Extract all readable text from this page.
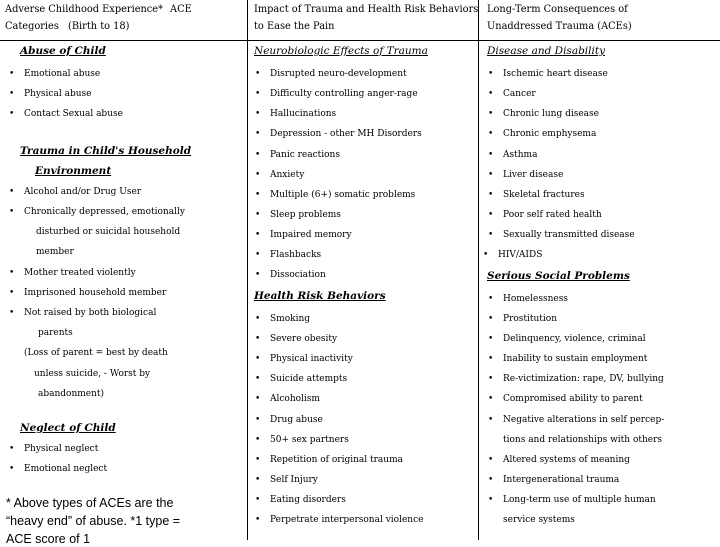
Adverse Childhood Experience* ACE
Categories (Birth to 18)
Impact of Trauma and Health Risk Behaviors
to Ease the Pain
Long-Term Consequences of
Unaddressed Trauma (ACEs)
Abuse of Child
• Emotional abuse
• Physical abuse
• Contact Sexual abuse
Trauma in Child's Household
Environment
• Alcohol and/or Drug User
• Chronically depressed, emotionally
disturbed or suicidal household
member
• Mother treated violently
• Imprisoned household member
• Not raised by both biological
parents
(Loss of parent = best by death
unless suicide, - Worst by
abandonment)
Neglect of Child
• Physical neglect
• Emotional neglect
* Above types of ACEs are the
“heavy end” of abuse. *1 type =
ACE score of 1
Neurobiologic Effects of Trauma
• Disrupted neuro-development
• Difficulty controlling anger-rage
• Hallucinations
• Depression - other MH Disorders
• Panic reactions
• Anxiety
• Multiple (6+) somatic problems
• Sleep problems
• Impaired memory
• Flashbacks
• Dissociation
Health Risk Behaviors
• Smoking
• Severe obesity
• Physical inactivity
• Suicide attempts
• Alcoholism
• Drug abuse
• 50+ sex partners
• Repetition of original trauma
• Self Injury
• Eating disorders
• Perpetrate interpersonal violence
Disease and Disability
• Ischemic heart disease
• Cancer
• Chronic lung disease
• Chronic emphysema
• Asthma
• Liver disease
• Skeletal fractures
• Poor self rated health
• Sexually transmitted disease
• HIV/AIDS
Serious Social Problems
• Homelessness
• Prostitution
• Delinquency, violence, criminal
• Inability to sustain employment
• Re-victimization: rape, DV, bullying
• Compromised ability to parent
• Negative alterations in self percep-
tions and relationships with others
• Altered systems of meaning
• Intergenerational trauma
• Long-term use of multiple human
service systems
